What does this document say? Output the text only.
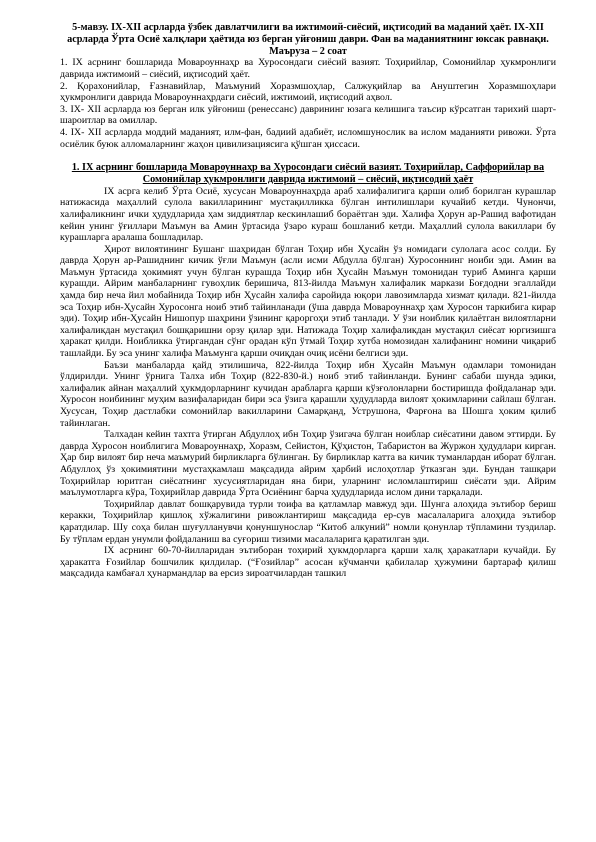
5-мавзу. IX-XII асрларда ўзбек давлатчилиги ва ижтимоий-сиёсий, иқтисодий ва маданий ҳаёт. IX-XII асрларда Ўрта Осиё халқлари ҳаётида юз берган уйғониш даври. Фан ва маданиятнинг юксак равнақи. Маъруза – 2 соат
1. IX асрнинг бошларида Мовароуннаҳр ва Хуросондаги сиёсий вазият. Тоҳирийлар, Сомонийлар ҳукмронлиги даврида ижтимоий – сиёсий, иқтисодий ҳаёт.
2. Қорахонийлар, Ғазнавийлар, Маъмуний Хоразмшоҳлар, Салжуқийлар ва Ануштегин Хоразмшоҳлари ҳукмронлиги даврида Мовароуннаҳрдаги сиёсий, ижтимоий, иқтисодий аҳвол.
3. IX- XII асрларда юз берган илк уйғониш (ренессанс) даврининг юзага келишига таъсир кўрсатган тарихий шарт- шароитлар ва омиллар.
4. IX- XII асрларда моддий маданият, илм-фан, бадиий адабиёт, исломшунослик ва ислом маданияти ривожи. Ўрта осиёлик буюк алломаларнинг жаҳон цивилизациясига қўшган ҳиссаси.
1. IX асрнинг бошларида Мовароуннаҳр ва Хуросондаги сиёсий вазият. Тоҳирийлар, Саффорийлар ва Сомонийлар ҳукмронлиги даврида ижтимоий – сиёсий, иқтисодий ҳаёт

IX асрга келиб Ўрта Осиё, хусусан Мовароуннаҳрда араб халифалигига қарши олиб борилган курашлар натижасида маҳаллий сулола вакилларининг мустақилликка бўлган интилишлари кучайиб кетди. Чунончи, халифаликнинг ички ҳудудларида ҳам зиддиятлар кескинлашиб бораётган эди. Халифа Ҳорун ар-Рашид вафотидан кейин унинг ўғиллари Маъмун ва Амин ўртасида ўзаро кураш бошланиб кетди. Маҳаллий сулола вакиллари бу курашларга аралаша бошладилар.

Ҳирот вилоятининг Бушанг шаҳридан бўлган Тоҳир ибн Ҳусайн ўз номидаги сулолага асос солди. Бу даврда Ҳорун ар-Рашиднинг кичик ўғли Маъмун (асли исми Абдулла бўлган) Хуросоннинг ноиби эди. Амин ва Маъмун ўртасида ҳокимият учун бўлган курашда Тоҳир ибн Ҳусайн Маъмун томонидан туриб Аминга қарши курашди. Айрим манбаларнинг гувоҳлик беришича, 813-йилда Маъмун халифалик маркази Боғдодни эгаллайди ҳамда бир неча йил мобайнида Тоҳир ибн Ҳусайн халифа саройида юқори лавозимларда хизмат қилади. 821-йилда эса Тоҳир ибн-Ҳусайн Хуросонга ноиб этиб тайинланади (ўша даврда Мовароуннаҳр ҳам Хуросон таркибига кирар эди). Тоҳир ибн-Ҳусайн Нишопур шаҳрини ўзининг қароргоҳи этиб танлади. У ўзи ноиблик қилаётган вилоятларни халифаликдан мустақил бошқаришни орзу қилар эди. Натижада Тоҳир халифаликдан мустақил сиёсат юргизишга ҳаракат қилди. Ноибликка ўтиргандан сўнг орадан кўп ўтмай Тоҳир хутба номозидан халифанинг номини чиқариб ташлайди. Бу эса унинг халифа Маъмунга қарши очиқдан очиқ исёни белгиси эди.

Баъзи манбаларда қайд этилишича, 822-йилда Тоҳир ибн Ҳусайн Маъмун одамлари томонидан ўлдирилди. Унинг ўрнига Талха ибн Тоҳир (822-830-й.) ноиб этиб тайинланди. Бунинг сабаби шунда эдики, халифалик айнан маҳаллий ҳукмдорларнинг кучидан арабларга қарши кўзғолонларни бостиришда фойдаланар эди. Хуросон ноибининг муҳим вазифаларидан бири эса ўзига қарашли ҳудудларда вилоят ҳокимларини сайлаш бўлган. Хусусан, Тоҳир дастлабки сомонийлар вакилларини Самарқанд, Уструшона, Фарғона ва Шошга ҳоким қилиб тайинлаган.

Талхадан кейин тахтга ўтирган Абдуллоҳ ибн Тоҳир ўзигача бўлган ноиблар сиёсатини давом эттирди. Бу даврда Хуросон ноиблигига Мовароуннаҳр, Хоразм, Сейистон, Қўҳистон, Табаристон ва Журжон ҳудудлари кирган. Ҳар бир вилоят бир неча маъмурий бирликларга бўлинган. Бу бирликлар катта ва кичик туманлардан иборат бўлган. Абдуллоҳ ўз ҳокимиятини мустаҳкамлаш мақсадида айрим ҳарбий ислоҳотлар ўтказган эди. Бундан ташқари Тоҳирийлар юритган сиёсатнинг хусусиятларидан яна бири, уларнинг исломлаштириш сиёсати эди. Айрим маълумотларга кўра, Тоҳирийлар даврида Ўрта Осиёнинг барча ҳудудларида ислом дини тарқалади.

Тоҳирийлар давлат бошқарувида турли тоифа ва қатламлар мавжуд эди. Шунга алоҳида эътибор бериш керакки, Тоҳирийлар қишлоқ хўжалигини ривожлантириш мақсадида ер-сув масалаларига алоҳида эътибор қаратдилар. Шу соҳа билан шуғулланувчи қонуншунослар “Китоб алкуний” номли қонунлар тўпламини туздилар. Бу тўплам ердан унумли фойдаланиш ва суғориш тизими масалаларига қаратилган эди.

IX асрнинг 60-70-йилларидан эътиборан тоҳирий ҳукмдорларга қарши халқ ҳаракатлари кучайди. Бу ҳаракатга Ғозийлар бошчилик қилдилар. (“Ғозийлар” асосан кўчманчи қабилалар ҳужумини бартараф қилиш мақсадида камбағал ҳунармандлар ва ерсиз зироатчилардан ташкил
